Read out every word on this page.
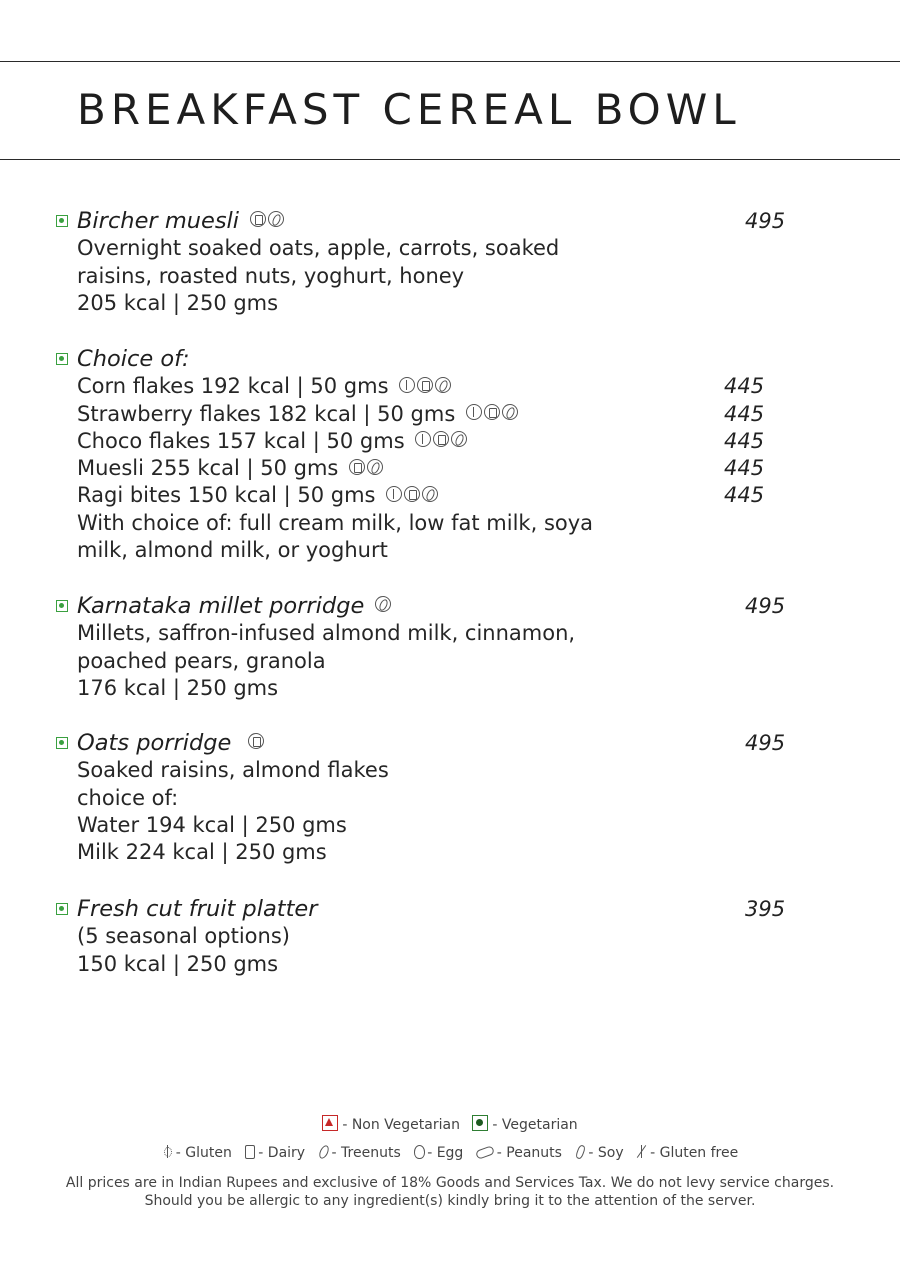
BREAKFAST CEREAL BOWL
Bircher muesli	495
Overnight soaked oats, apple, carrots, soaked
raisins, roasted nuts, yoghurt, honey
205 kcal | 250 gms
Choice of:
Corn flakes 192 kcal | 50 gms	445
Strawberry flakes 182 kcal | 50 gms	445
Choco flakes 157 kcal | 50 gms	445
Muesli 255 kcal | 50 gms	445
Ragi bites 150 kcal | 50 gms	445
With choice of: full cream milk, low fat milk, soya
milk, almond milk, or yoghurt
Karnataka millet porridge	495
Millets, saffron-infused almond milk, cinnamon,
poached pears, granola
176 kcal | 250 gms
Oats porridge	495
Soaked raisins, almond flakes
choice of:
Water 194 kcal | 250 gms
Milk 224 kcal | 250 gms
Fresh cut fruit platter	395
(5 seasonal options)
150 kcal | 250 gms
- Non Vegetarian - Vegetarian
- Gluten - Dairy - Treenuts - Egg - Peanuts - Soy - Gluten free
All prices are in Indian Rupees and exclusive of 18% Goods and Services Tax. We do not levy service charges.
Should you be allergic to any ingredient(s) kindly bring it to the attention of the server.
